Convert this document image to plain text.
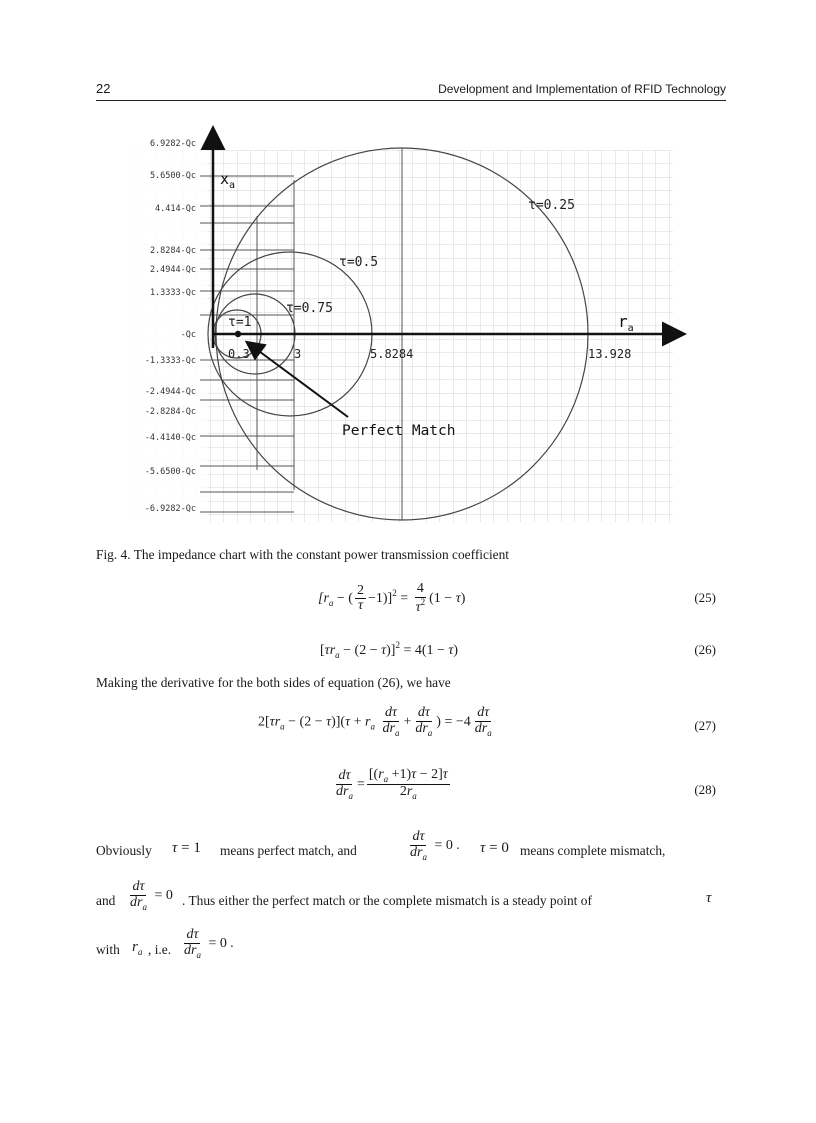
22	Development and Implementation of RFID Technology
6.9282-Qc
5.6500-Qc
4.414-Qc
2.8284-Qc
2.4944-Qc
1.3333-Qc
-Qc
-1.3333-Qc
-2.4944-Qc
-2.8284-Qc
-4.4140-Qc
-5.6500-Qc
-6.9282-Qc
$x_a$
$r_a$
0.3	3	5.8284	13.928
τ=1
τ=0.75
τ=0.5
τ=0.25
Perfect Match
Fig. 4. The impedance chart with the constant power transmission coefficient
[$r_a$ − ( $\frac{2}{\tau} -1)]^2 = \frac{4}{\tau^2} (1 - \tau)$	(25)
$[\tau r_a - (2 - \tau)]^2 = 4(1 - \tau)$	(26)
Making the derivative for the both sides of equation (26), we have
$2[\tau r_a - (2 - \tau)](\tau + r_a \frac{d\tau}{dr_a} + \frac{d\tau}{dr_a}$ ) = $-4 \frac{d\tau}{dr_a}$	(27)
$\frac{d\tau}{dr_a} = \frac{[(r_a +1)\tau - 2]\tau}{2r_a}$	(28)
Obviously τ = 1 means perfect match, and	$\frac{d\tau}{dr_a} = 0$ . τ = 0 means complete mismatch,
and $\frac{d\tau}{dr_a} = 0$ . Thus either the perfect match or the complete mismatch is a steady point of	τ
with $r_a$ , i.e. $\frac{d\tau}{dr_a} = 0$ .
